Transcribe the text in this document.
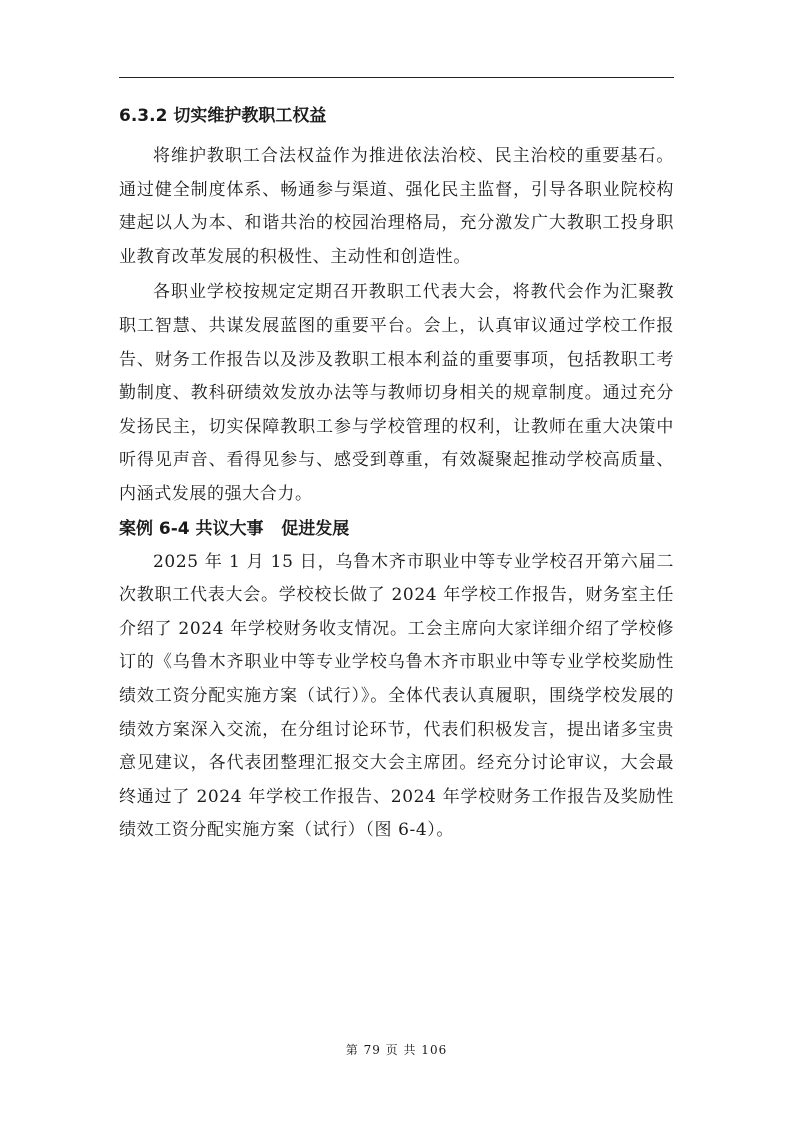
6.3.2 切实维护教职工权益

将维护教职工合法权益作为推进依法治校、民主治校的重要基石。通过健全制度体系、畅通参与渠道、强化民主监督，引导各职业院校构建起以人为本、和谐共治的校园治理格局，充分激发广大教职工投身职业教育改革发展的积极性、主动性和创造性。

各职业学校按规定定期召开教职工代表大会，将教代会作为汇聚教职工智慧、共谋发展蓝图的重要平台。会上，认真审议通过学校工作报告、财务工作报告以及涉及教职工根本利益的重要事项，包括教职工考勤制度、教科研绩效发放办法等与教师切身相关的规章制度。通过充分发扬民主，切实保障教职工参与学校管理的权利，让教师在重大决策中听得见声音、看得见参与、感受到尊重，有效凝聚起推动学校高质量、内涵式发展的强大合力。

案例 6-4 共议大事   促进发展

2025 年 1 月 15 日，乌鲁木齐市职业中等专业学校召开第六届二次教职工代表大会。学校校长做了 2024 年学校工作报告，财务室主任介绍了 2024 年学校财务收支情况。工会主席向大家详细介绍了学校修订的《乌鲁木齐职业中等专业学校乌鲁木齐市职业中等专业学校奖励性绩效工资分配实施方案（试行）》。全体代表认真履职，围绕学校发展的绩效方案深入交流，在分组讨论环节，代表们积极发言，提出诸多宝贵意见建议，各代表团整理汇报交大会主席团。经充分讨论审议，大会最终通过了 2024 年学校工作报告、2024 年学校财务工作报告及奖励性绩效工资分配实施方案（试行）（图 6-4）。

第 79 页 共 106
